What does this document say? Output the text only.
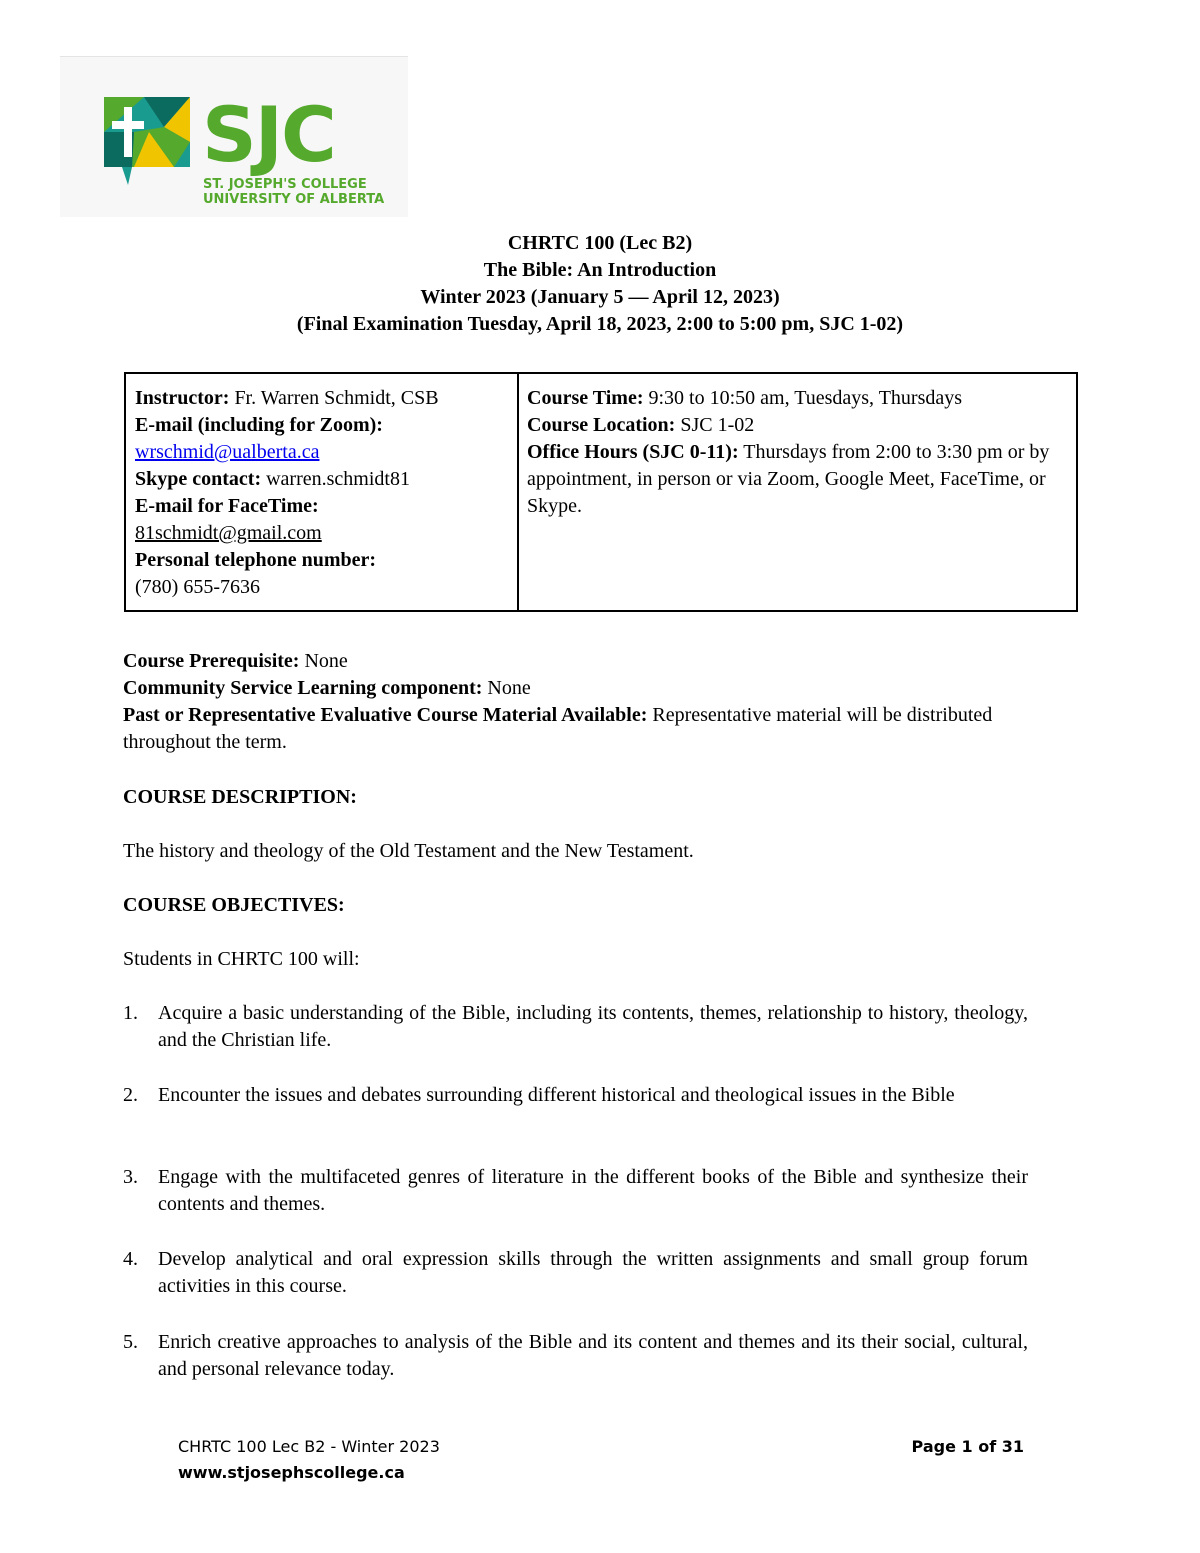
SJC
ST. JOSEPH'S COLLEGE
UNIVERSITY OF ALBERTA
CHRTC 100 (Lec B2)
The Bible: An Introduction
Winter 2023 (January 5 — April 12, 2023)
(Final Examination Tuesday, April 18, 2023, 2:00 to 5:00 pm, SJC 1-02)
Instructor: Fr. Warren Schmidt, CSB
E-mail (including for Zoom):
wrschmid@ualberta.ca
Skype contact: warren.schmidt81
E-mail for FaceTime:
81schmidt@gmail.com
Personal telephone number:
(780) 655-7636
Course Time: 9:30 to 10:50 am, Tuesdays, Thursdays
Course Location: SJC 1-02
Office Hours (SJC 0-11): Thursdays from 2:00 to 3:30 pm or by appointment, in person or via Zoom, Google Meet, FaceTime, or Skype.
Course Prerequisite: None
Community Service Learning component: None
Past or Representative Evaluative Course Material Available: Representative material will be distributed throughout the term.
COURSE DESCRIPTION:
The history and theology of the Old Testament and the New Testament.
COURSE OBJECTIVES:
Students in CHRTC 100 will:
1. Acquire a basic understanding of the Bible, including its contents, themes, relationship to history, theology, and the Christian life.
2. Encounter the issues and debates surrounding different historical and theological issues in the Bible
3. Engage with the multifaceted genres of literature in the different books of the Bible and synthesize their contents and themes.
4. Develop analytical and oral expression skills through the written assignments and small group forum activities in this course.
5. Enrich creative approaches to analysis of the Bible and its content and themes and its their social, cultural, and personal relevance today.
CHRTC 100 Lec B2 - Winter 2023	Page 1 of 31
www.stjosephscollege.ca
